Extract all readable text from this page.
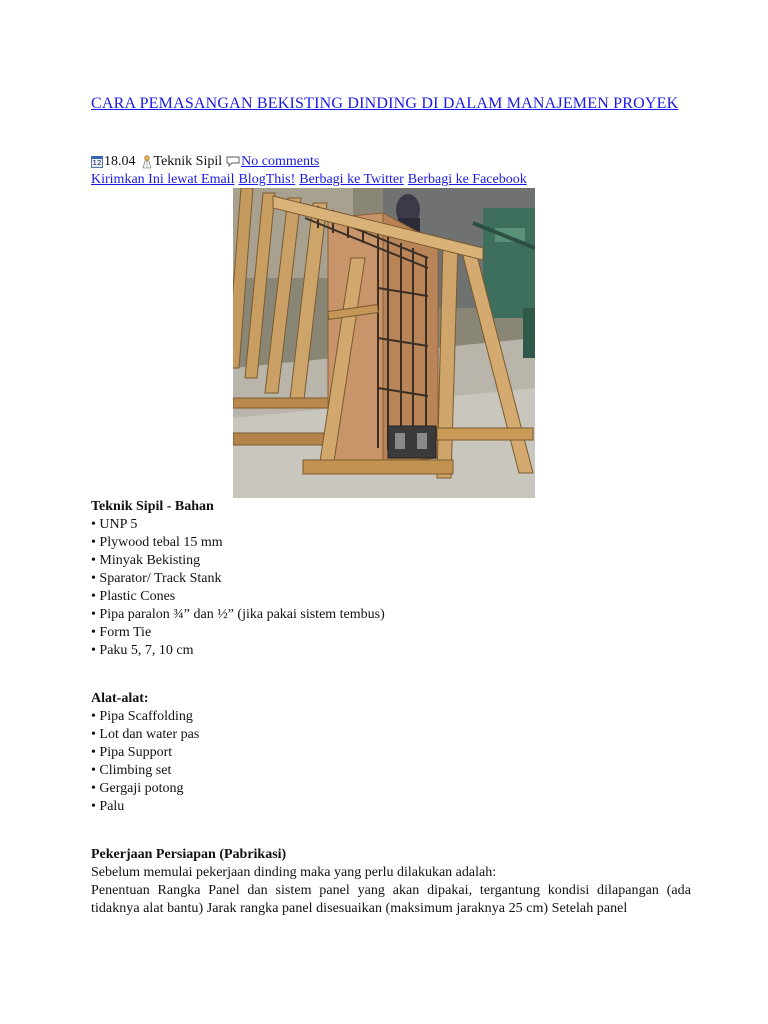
CARA PEMASANGAN BEKISTING DINDING DI DALAM MANAJEMEN PROYEK
12 18.04 Teknik Sipil No comments
Kirimkan Ini lewat Email BlogThis! Berbagi ke Twitter Berbagi ke Facebook
Teknik Sipil - Bahan
• UNP 5
• Plywood tebal 15 mm
• Minyak Bekisting
• Sparator/ Track Stank
• Plastic Cones
• Pipa paralon ¾” dan ½” (jika pakai sistem tembus)
• Form Tie
• Paku 5, 7, 10 cm
Alat-alat:
• Pipa Scaffolding
• Lot dan water pas
• Pipa Support
• Climbing set
• Gergaji potong
• Palu
Pekerjaan Persiapan (Pabrikasi)
Sebelum memulai pekerjaan dinding maka yang perlu dilakukan adalah:
Penentuan Rangka Panel dan sistem panel yang akan dipakai, tergantung kondisi dilapangan (ada tidaknya alat bantu) Jarak rangka panel disesuaikan (maksimum jaraknya 25 cm) Setelah panel
